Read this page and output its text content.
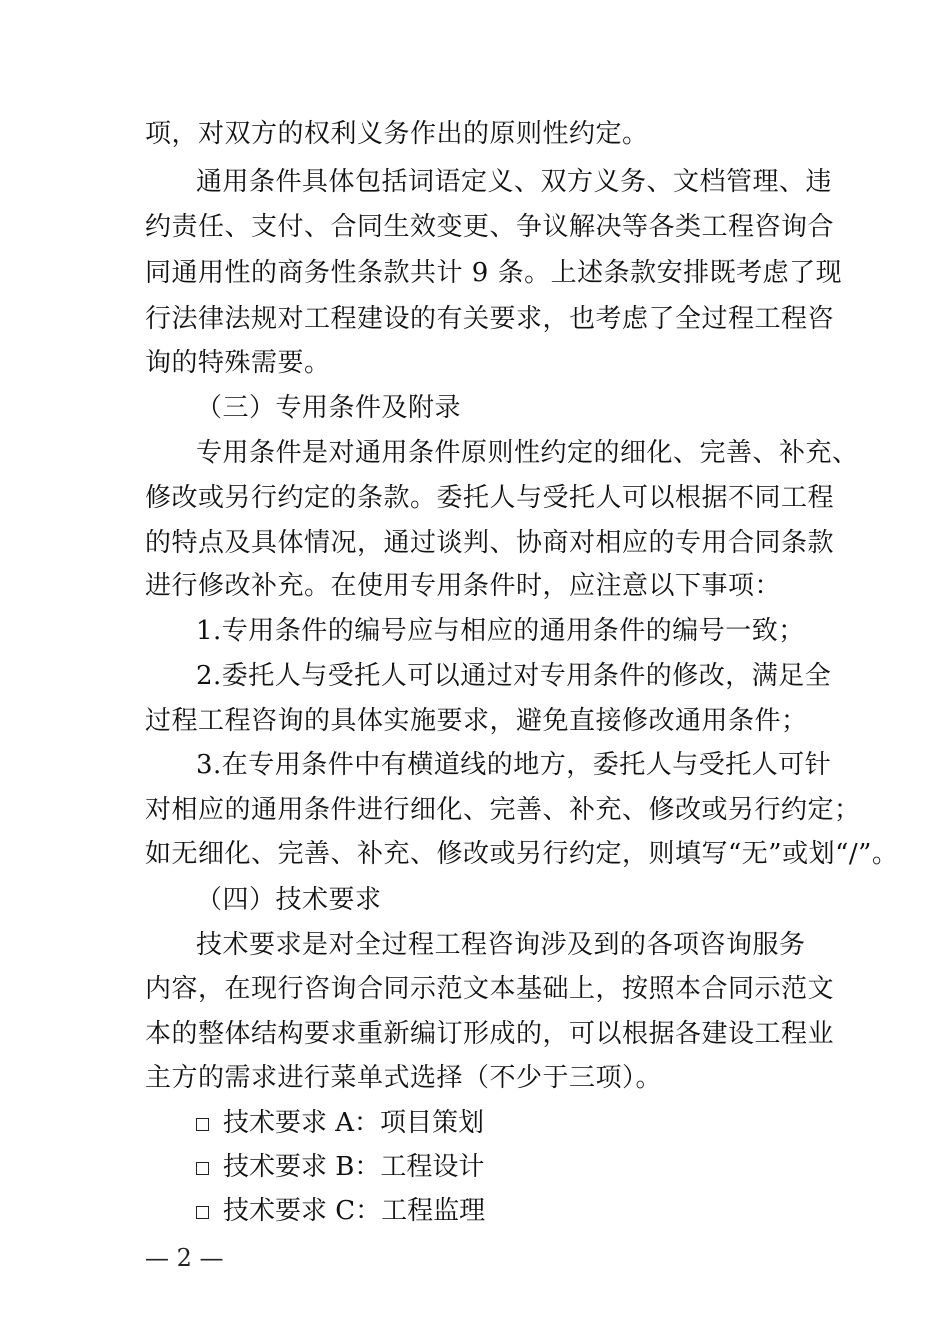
项，对双方的权利义务作出的原则性约定。
通用条件具体包括词语定义、双方义务、文档管理、违
约责任、支付、合同生效变更、争议解决等各类工程咨询合
同通用性的商务性条款共计 9 条。上述条款安排既考虑了现
行法律法规对工程建设的有关要求，也考虑了全过程工程咨
询的特殊需要。
（三）专用条件及附录
专用条件是对通用条件原则性约定的细化、完善、补充、
修改或另行约定的条款。委托人与受托人可以根据不同工程
的特点及具体情况，通过谈判、协商对相应的专用合同条款
进行修改补充。在使用专用条件时，应注意以下事项：
1.专用条件的编号应与相应的通用条件的编号一致；
2.委托人与受托人可以通过对专用条件的修改，满足全
过程工程咨询的具体实施要求，避免直接修改通用条件；
3.在专用条件中有横道线的地方，委托人与受托人可针
对相应的通用条件进行细化、完善、补充、修改或另行约定；
如无细化、完善、补充、修改或另行约定，则填写“无”或划“/”。
（四）技术要求
技术要求是对全过程工程咨询涉及到的各项咨询服务
内容，在现行咨询合同示范文本基础上，按照本合同示范文
本的整体结构要求重新编订形成的，可以根据各建设工程业
主方的需求进行菜单式选择（不少于三项）。
技术要求 A：项目策划
技术要求 B：工程设计
技术要求 C：工程监理
— 2 —
